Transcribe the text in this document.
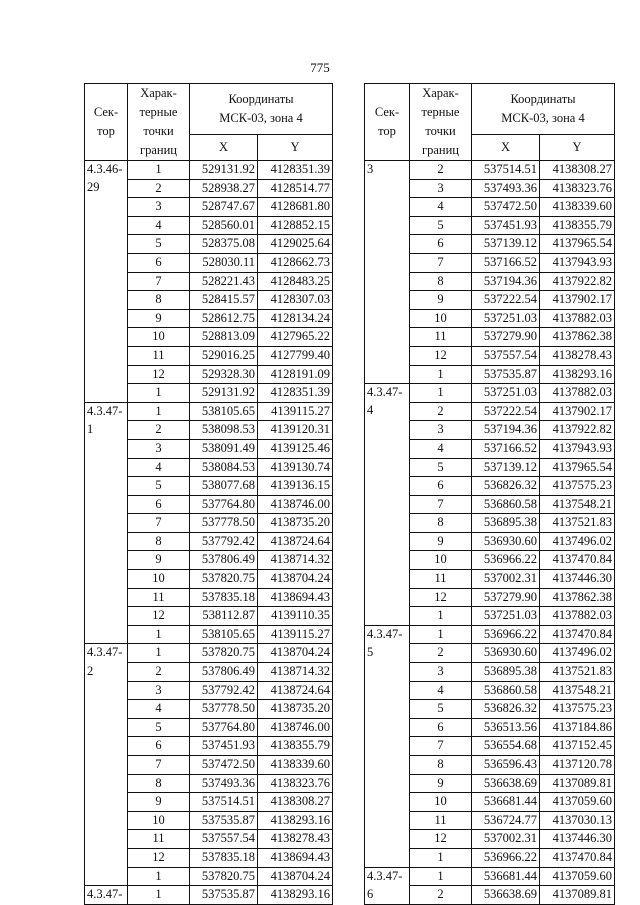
775
Сек-
тор	Харак-
терные
точки
границ	Координаты
МСК-03, зона 4	
		X	Y
4.3.46-	1	529131.92	4128351.39
29	2	528938.27	4128514.77
	3	528747.67	4128681.80
	4	528560.01	4128852.15
	5	528375.08	4129025.64
	6	528030.11	4128662.73
	7	528221.43	4128483.25
	8	528415.57	4128307.03
	9	528612.75	4128134.24
	10	528813.09	4127965.22
	11	529016.25	4127799.40
	12	529328.30	4128191.09
	1	529131.92	4128351.39
4.3.47-	1	538105.65	4139115.27
1	2	538098.53	4139120.31
	3	538091.49	4139125.46
	4	538084.53	4139130.74
	5	538077.68	4139136.15
	6	537764.80	4138746.00
	7	537778.50	4138735.20
	8	537792.42	4138724.64
	9	537806.49	4138714.32
	10	537820.75	4138704.24
	11	537835.18	4138694.43
	12	538112.87	4139110.35
	1	538105.65	4139115.27
4.3.47-	1	537820.75	4138704.24
2	2	537806.49	4138714.32
	3	537792.42	4138724.64
	4	537778.50	4138735.20
	5	537764.80	4138746.00
	6	537451.93	4138355.79
	7	537472.50	4138339.60
	8	537493.36	4138323.76
	9	537514.51	4138308.27
	10	537535.87	4138293.16
	11	537557.54	4138278.43
	12	537835.18	4138694.43
	1	537820.75	4138704.24
4.3.47-	1	537535.87	4138293.16
Сек-
тор	Харак-
терные
точки
границ	Координаты
МСК-03, зона 4	
		X	Y
3	2	537514.51	4138308.27
	3	537493.36	4138323.76
	4	537472.50	4138339.60
	5	537451.93	4138355.79
	6	537139.12	4137965.54
	7	537166.52	4137943.93
	8	537194.36	4137922.82
	9	537222.54	4137902.17
	10	537251.03	4137882.03
	11	537279.90	4137862.38
	12	537557.54	4138278.43
	1	537535.87	4138293.16
4.3.47-	1	537251.03	4137882.03
4	2	537222.54	4137902.17
	3	537194.36	4137922.82
	4	537166.52	4137943.93
	5	537139.12	4137965.54
	6	536826.32	4137575.23
	7	536860.58	4137548.21
	8	536895.38	4137521.83
	9	536930.60	4137496.02
	10	536966.22	4137470.84
	11	537002.31	4137446.30
	12	537279.90	4137862.38
	1	537251.03	4137882.03
4.3.47-	1	536966.22	4137470.84
5	2	536930.60	4137496.02
	3	536895.38	4137521.83
	4	536860.58	4137548.21
	5	536826.32	4137575.23
	6	536513.56	4137184.86
	7	536554.68	4137152.45
	8	536596.43	4137120.78
	9	536638.69	4137089.81
	10	536681.44	4137059.60
	11	536724.77	4137030.13
	12	537002.31	4137446.30
	1	536966.22	4137470.84
4.3.47-	1	536681.44	4137059.60
6	2	536638.69	4137089.81
